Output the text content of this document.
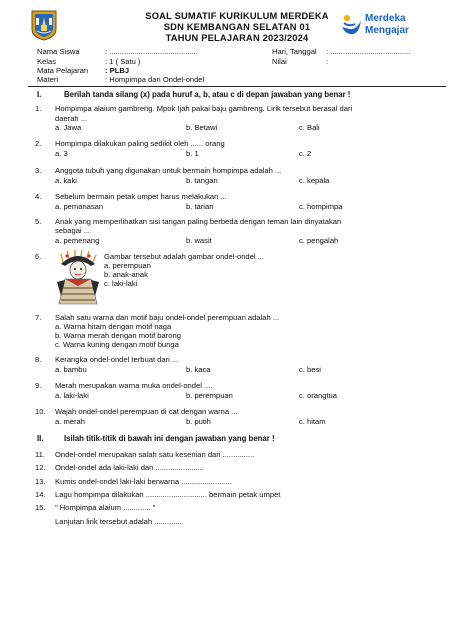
SOAL SUMATIF KURIKULUM MERDEKA
SDN KEMBANGAN SELATAN 01
TAHUN PELAJARAN 2023/2024
Merdeka
Mengajar
Nama Siswa	: ..........................................	Hari, Tanggal : ......................................
Kelas	: 1 ( Satu )	Nilai	:
Mata Pelajaran : PLBJ
Materi	: Hompimpa dan Ondel-ondel
I.	Berilah tanda silang (x) pada huruf a, b, atau c di depan jawaban yang benar !
1. Hompimpa alaium gambreng. Mpok Ijah pakai baju gambreng. Lirik tersebut berasal dari
daerah ...
a. Jawa	b. Betawi	c. Bali
2. Hompimpa dilakukan paling sedikit oleh ...... orang
a. 3	b. 1	c. 2
3. Anggota tubuh yang digunakan untuk bermain hompimpa adalah ...
a. kaki	b. tangan	c. kepala
4. Sebelum bermain petak umpet harus melakukan ...
a. pemanasan	b. tarian	c. hompimpa
5. Anak yang memperlihatkan sisi tangan paling berbeda dengan teman lain dinyatakan
sebagai ...
a. pemenang	b. wasit	c. pengalah
6.	Gambar tersebut adalah gambar ondel-ondel ...
a. perempuan
b. anak-anak
c. laki-laki
7. Salah satu warna dan motif baju ondel-ondel perempuan adalah ...
a. Warna hitam dengan motif naga
b. Warna merah dengan motif barong
c. Warna kuning dengan motif bunga
8. Kerangka ondel-ondel terbuat dari ...
a. bambu	b. kaca	c. besi
9. Merah merupakan warna muka ondel-ondel ....
a. laki-laki	b. perempuan	c. orangtua
10. Wajah ondel-ondel perempuan di cat dengan warna ...
a. merah	b. putih	c. hitam
II.	Isilah titik-titik di bawah ini dengan jawaban yang benar !
11. Ondel-ondel merupakan salah satu kesenian dari ...............
12. Ondel-ondel ada laki-laki dan .......................
13. Kumis ondel-ondel laki-laki berwarna ........................
14. Lagu hompimpa dilakukan ............................. bermain petak umpet
15. " Hompimpa alaium ............. "
Lanjutan lirik tersebut adalah .............
